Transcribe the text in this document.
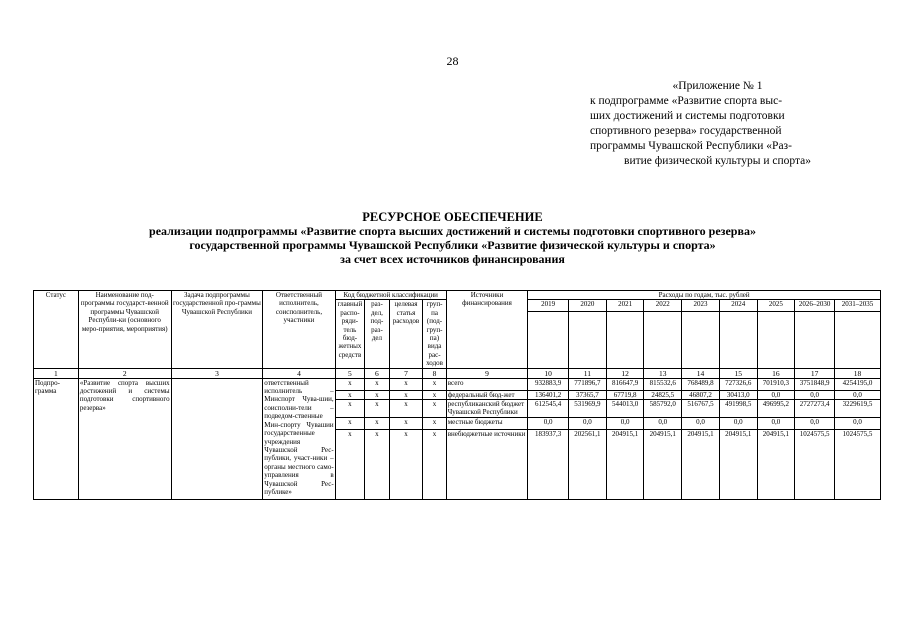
28
«Приложение № 1
к подпрограмме «Развитие спорта выс-
ших достижений и системы подготовки
спортивного резерва» государственной
программы Чувашской Республики «Раз-
витие физической культуры и спорта»
РЕСУРСНОЕ ОБЕСПЕЧЕНИЕ
реализации подпрограммы «Развитие спорта высших достижений и системы подготовки спортивного резерва»
государственной программы Чувашской Республики «Развитие физической культуры и спорта»
за счет всех источников финансирования
Статус	Наименование под-программы государст-венной программы Чувашской Республи-ки (основного меро-приятия, мероприятия)	Задача подпрограммы государственной про-граммы Чувашской Республики	Ответственный исполнитель, соисполнитель, участники	Код бюджетной классификации				Источники финансирования	Расходы по годам, тыс. рублей								
				главный распо-ряди-тель бюд-жетных средств	раз-дел, под-раз-дел	целевая статья расходов	груп-па (под-груп-па) вида рас-ходов		2019	2020	2021	2022	2023	2024	2025	2026–2030	2031–2035

1	2	3	4	5	6	7	8	9	10	11	12	13	14	15	16	17	18
Подпро-грамма	«Развитие спорта высших достижений и системы подготовки спортивного резерва»		ответственный исполнитель – Минспорт Чува-шии, соисполни-тели – подведом-ственные Мин-спорту Чувашии государственные учреждения Чувашской Рес-публики, участ-ники – органы местного само-управления в Чувашской Рес-публике»	x	x	x	x	всего	932883,9	771896,7	816647,9	815532,6	768489,8	727326,6	701910,3	3751848,9	4254195,0
				x	x	x	x	федеральный бюд-жет	136401,2	37365,7	67719,8	24825,5	46807,2	30413,0	0,0	0,0	0,0
				x	x	x	x	республиканский бюджет Чувашской Республики	612545,4	531969,9	544013,0	585792,0	516767,5	491998,5	496995,2	2727273,4	3229619,5
				x	x	x	x	местные бюджеты	0,0	0,0	0,0	0,0	0,0	0,0	0,0	0,0	0,0
				x	x	x	x	внебюджетные источники	183937,3	202561,1	204915,1	204915,1	204915,1	204915,1	204915,1	1024575,5	1024575,5
